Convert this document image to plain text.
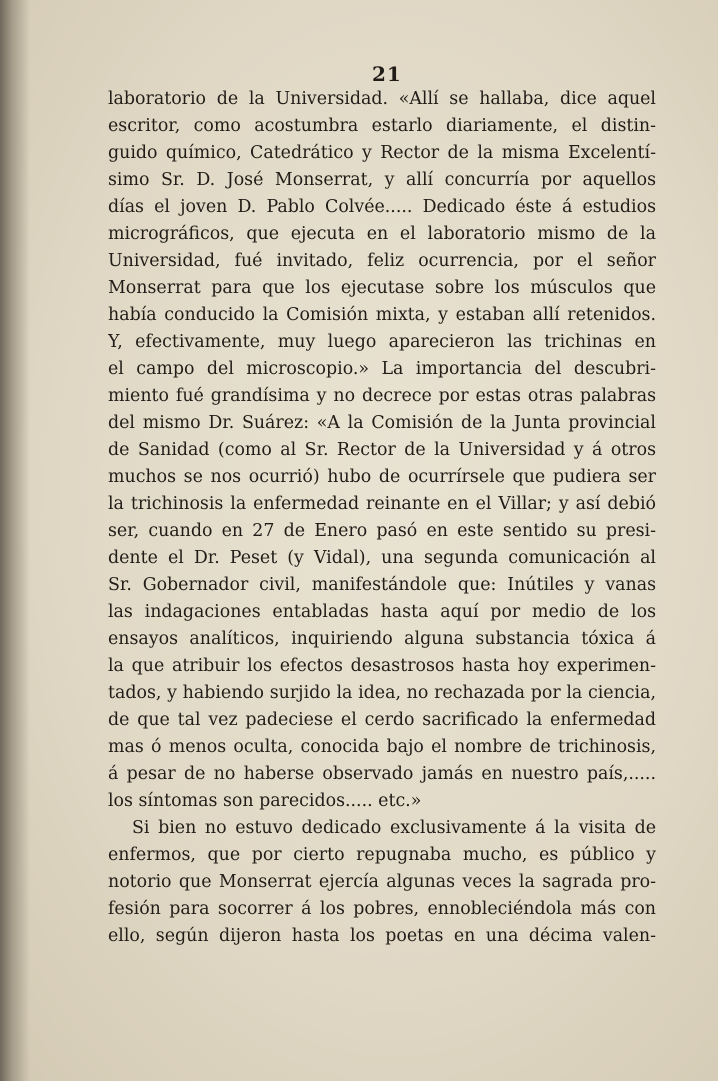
21
laboratorio de la Universidad. «Allí se hallaba, dice aquel
escritor, como acostumbra estarlo diariamente, el distin-
guido químico, Catedrático y Rector de la misma Excelentí-
simo Sr. D. José Monserrat, y allí concurría por aquellos
días el joven D. Pablo Colvée..... Dedicado éste á estudios
micrográficos, que ejecuta en el laboratorio mismo de la
Universidad, fué invitado, feliz ocurrencia, por el señor
Monserrat para que los ejecutase sobre los músculos que
había conducido la Comisión mixta, y estaban allí retenidos.
Y, efectivamente, muy luego aparecieron las trichinas en
el campo del microscopio.» La importancia del descubri-
miento fué grandísima y no decrece por estas otras palabras
del mismo Dr. Suárez: «A la Comisión de la Junta provincial
de Sanidad (como al Sr. Rector de la Universidad y á otros
muchos se nos ocurrió) hubo de ocurrírsele que pudiera ser
la trichinosis la enfermedad reinante en el Villar; y así debió
ser, cuando en 27 de Enero pasó en este sentido su presi-
dente el Dr. Peset (y Vidal), una segunda comunicación al
Sr. Gobernador civil, manifestándole que: Inútiles y vanas
las indagaciones entabladas hasta aquí por medio de los
ensayos analíticos, inquiriendo alguna substancia tóxica á
la que atribuir los efectos desastrosos hasta hoy experimen-
tados, y habiendo surjido la idea, no rechazada por la ciencia,
de que tal vez padeciese el cerdo sacrificado la enfermedad
mas ó menos oculta, conocida bajo el nombre de trichinosis,
á pesar de no haberse observado jamás en nuestro país,.....
los síntomas son parecidos..... etc.»
Si bien no estuvo dedicado exclusivamente á la visita de
enfermos, que por cierto repugnaba mucho, es público y
notorio que Monserrat ejercía algunas veces la sagrada pro-
fesión para socorrer á los pobres, ennobleciéndola más con
ello, según dijeron hasta los poetas en una décima valen-
